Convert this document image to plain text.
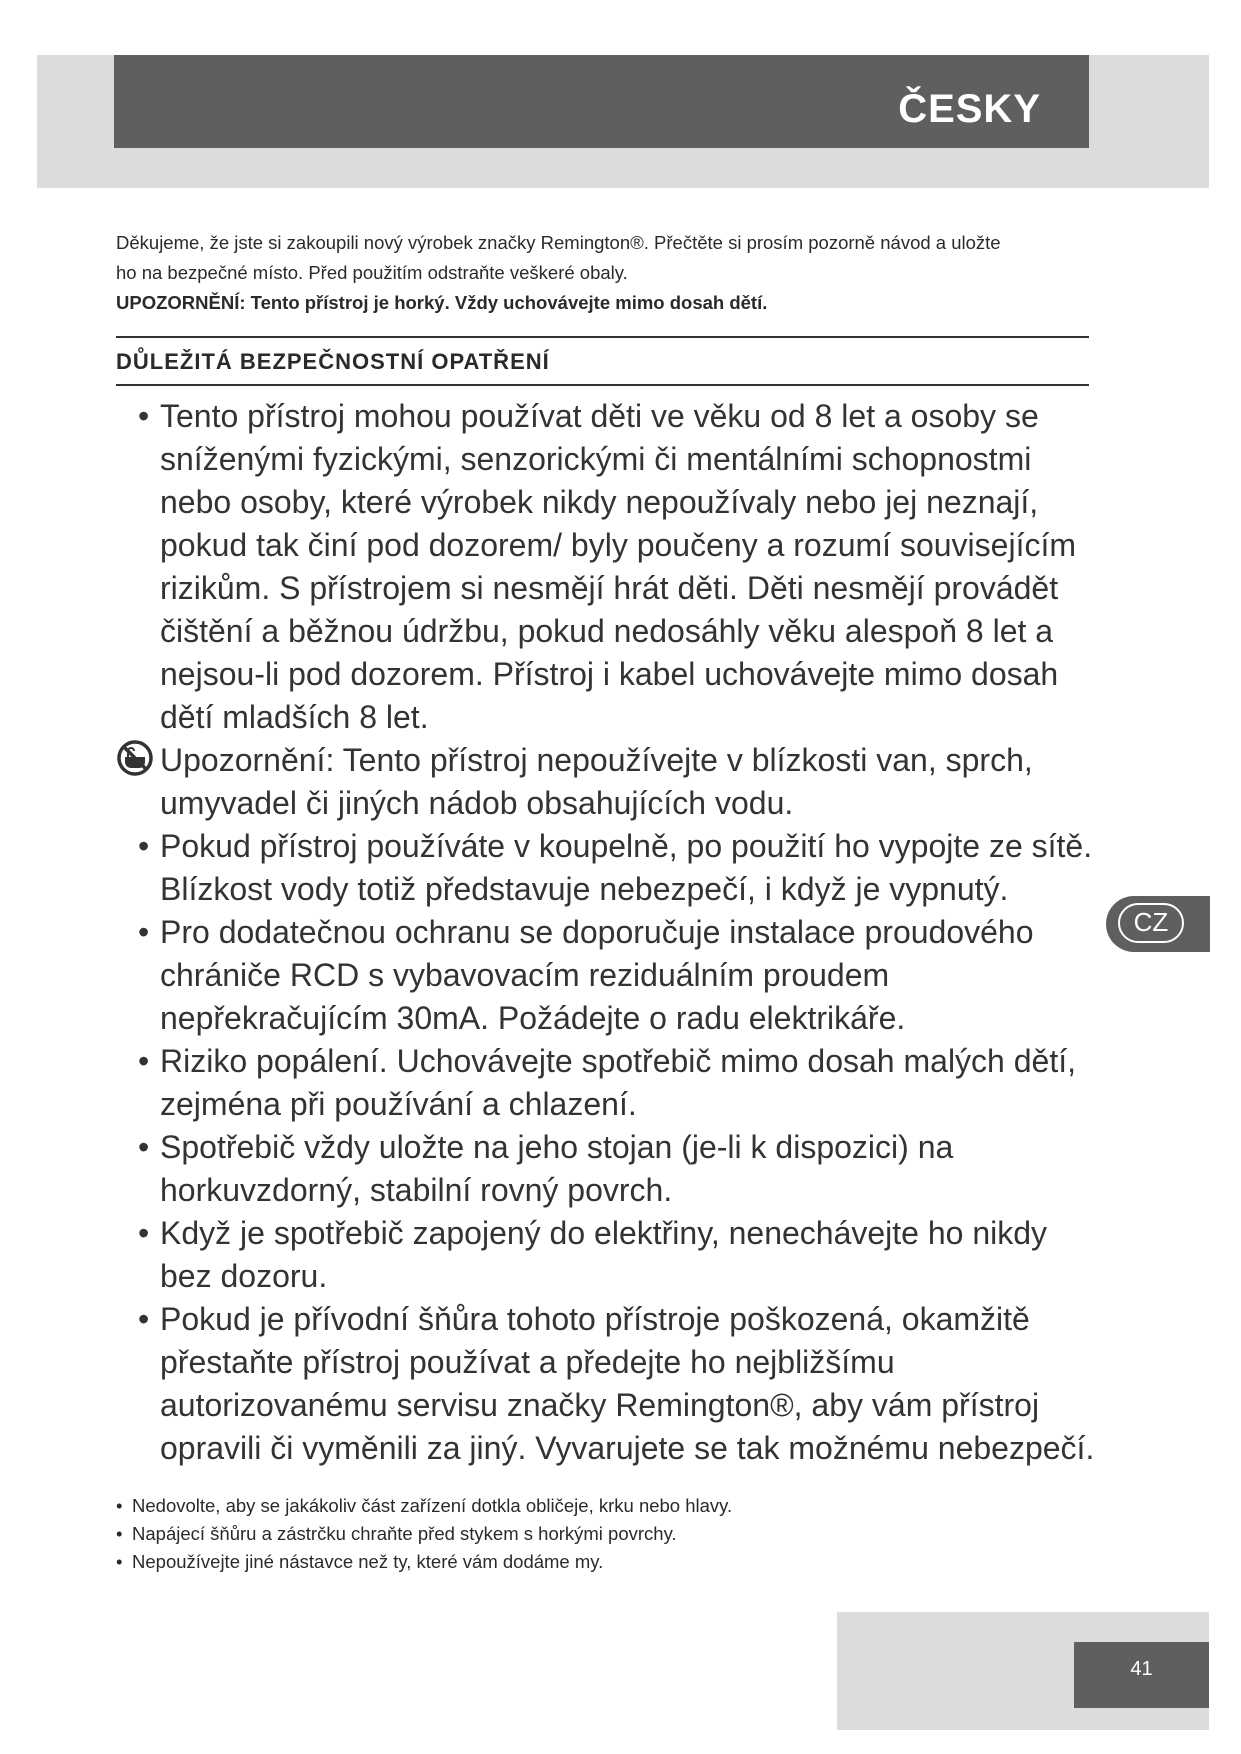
ČESKY

Děkujeme, že jste si zakoupili nový výrobek značky Remington®. Přečtěte si prosím pozorně návod a uložte

ho na bezpečné místo. Před použitím odstraňte veškeré obaly.

UPOZORNĚNÍ: Tento přístroj je horký. Vždy uchovávejte mimo dosah dětí.

DŮLEŽITÁ BEZPEČNOSTNÍ OPATŘENÍ
• Tento přístroj mohou používat děti ve věku od 8 let a osoby se sníženými fyzickými, senzorickými či mentálními schopnostmi nebo osoby, které výrobek nikdy nepoužívaly nebo jej neznají, pokud tak činí pod dozorem/ byly poučeny a rozumí souvisejícím rizikům. S přístrojem si nesmějí hrát děti. Děti nesmějí provádět čištění a běžnou údržbu, pokud nedosáhly věku alespoň 8 let a nejsou-li pod dozorem. Přístroj i kabel uchovávejte mimo dosah dětí mladších 8 let.
Upozornění: Tento přístroj nepoužívejte v blízkosti van, sprch, umyvadel či jiných nádob obsahujících vodu.
• Pokud přístroj používáte v koupelně, po použití ho vypojte ze sítě. Blízkost vody totiž představuje nebezpečí, i když je vypnutý.
• Pro dodatečnou ochranu se doporučuje instalace proudového chrániče RCD s vybavovacím reziduálním proudem nepřekračujícím 30mA. Požádejte o radu elektrikáře.
• Riziko popálení. Uchovávejte spotřebič mimo dosah malých dětí, zejména při používání a chlazení.
• Spotřebič vždy uložte na jeho stojan (je-li k dispozici) na horkuvzdorný, stabilní rovný povrch.
• Když je spotřebič zapojený do elektřiny, nenechávejte ho nikdy bez dozoru.
• Pokud je přívodní šňůra tohoto přístroje poškozená, okamžitě přestaňte přístroj používat a předejte ho nejbližšímu autorizovanému servisu značky Remington®, aby vám přístroj opravili či vyměnili za jiný. Vyvarujete se tak možnému nebezpečí.
• Nedovolte, aby se jakákoliv část zařízení dotkla obličeje, krku nebo hlavy.
• Napájecí šňůru a zástrčku chraňte před stykem s horkými povrchy.
• Nepoužívejte jiné nástavce než ty, které vám dodáme my.
CZ
41
